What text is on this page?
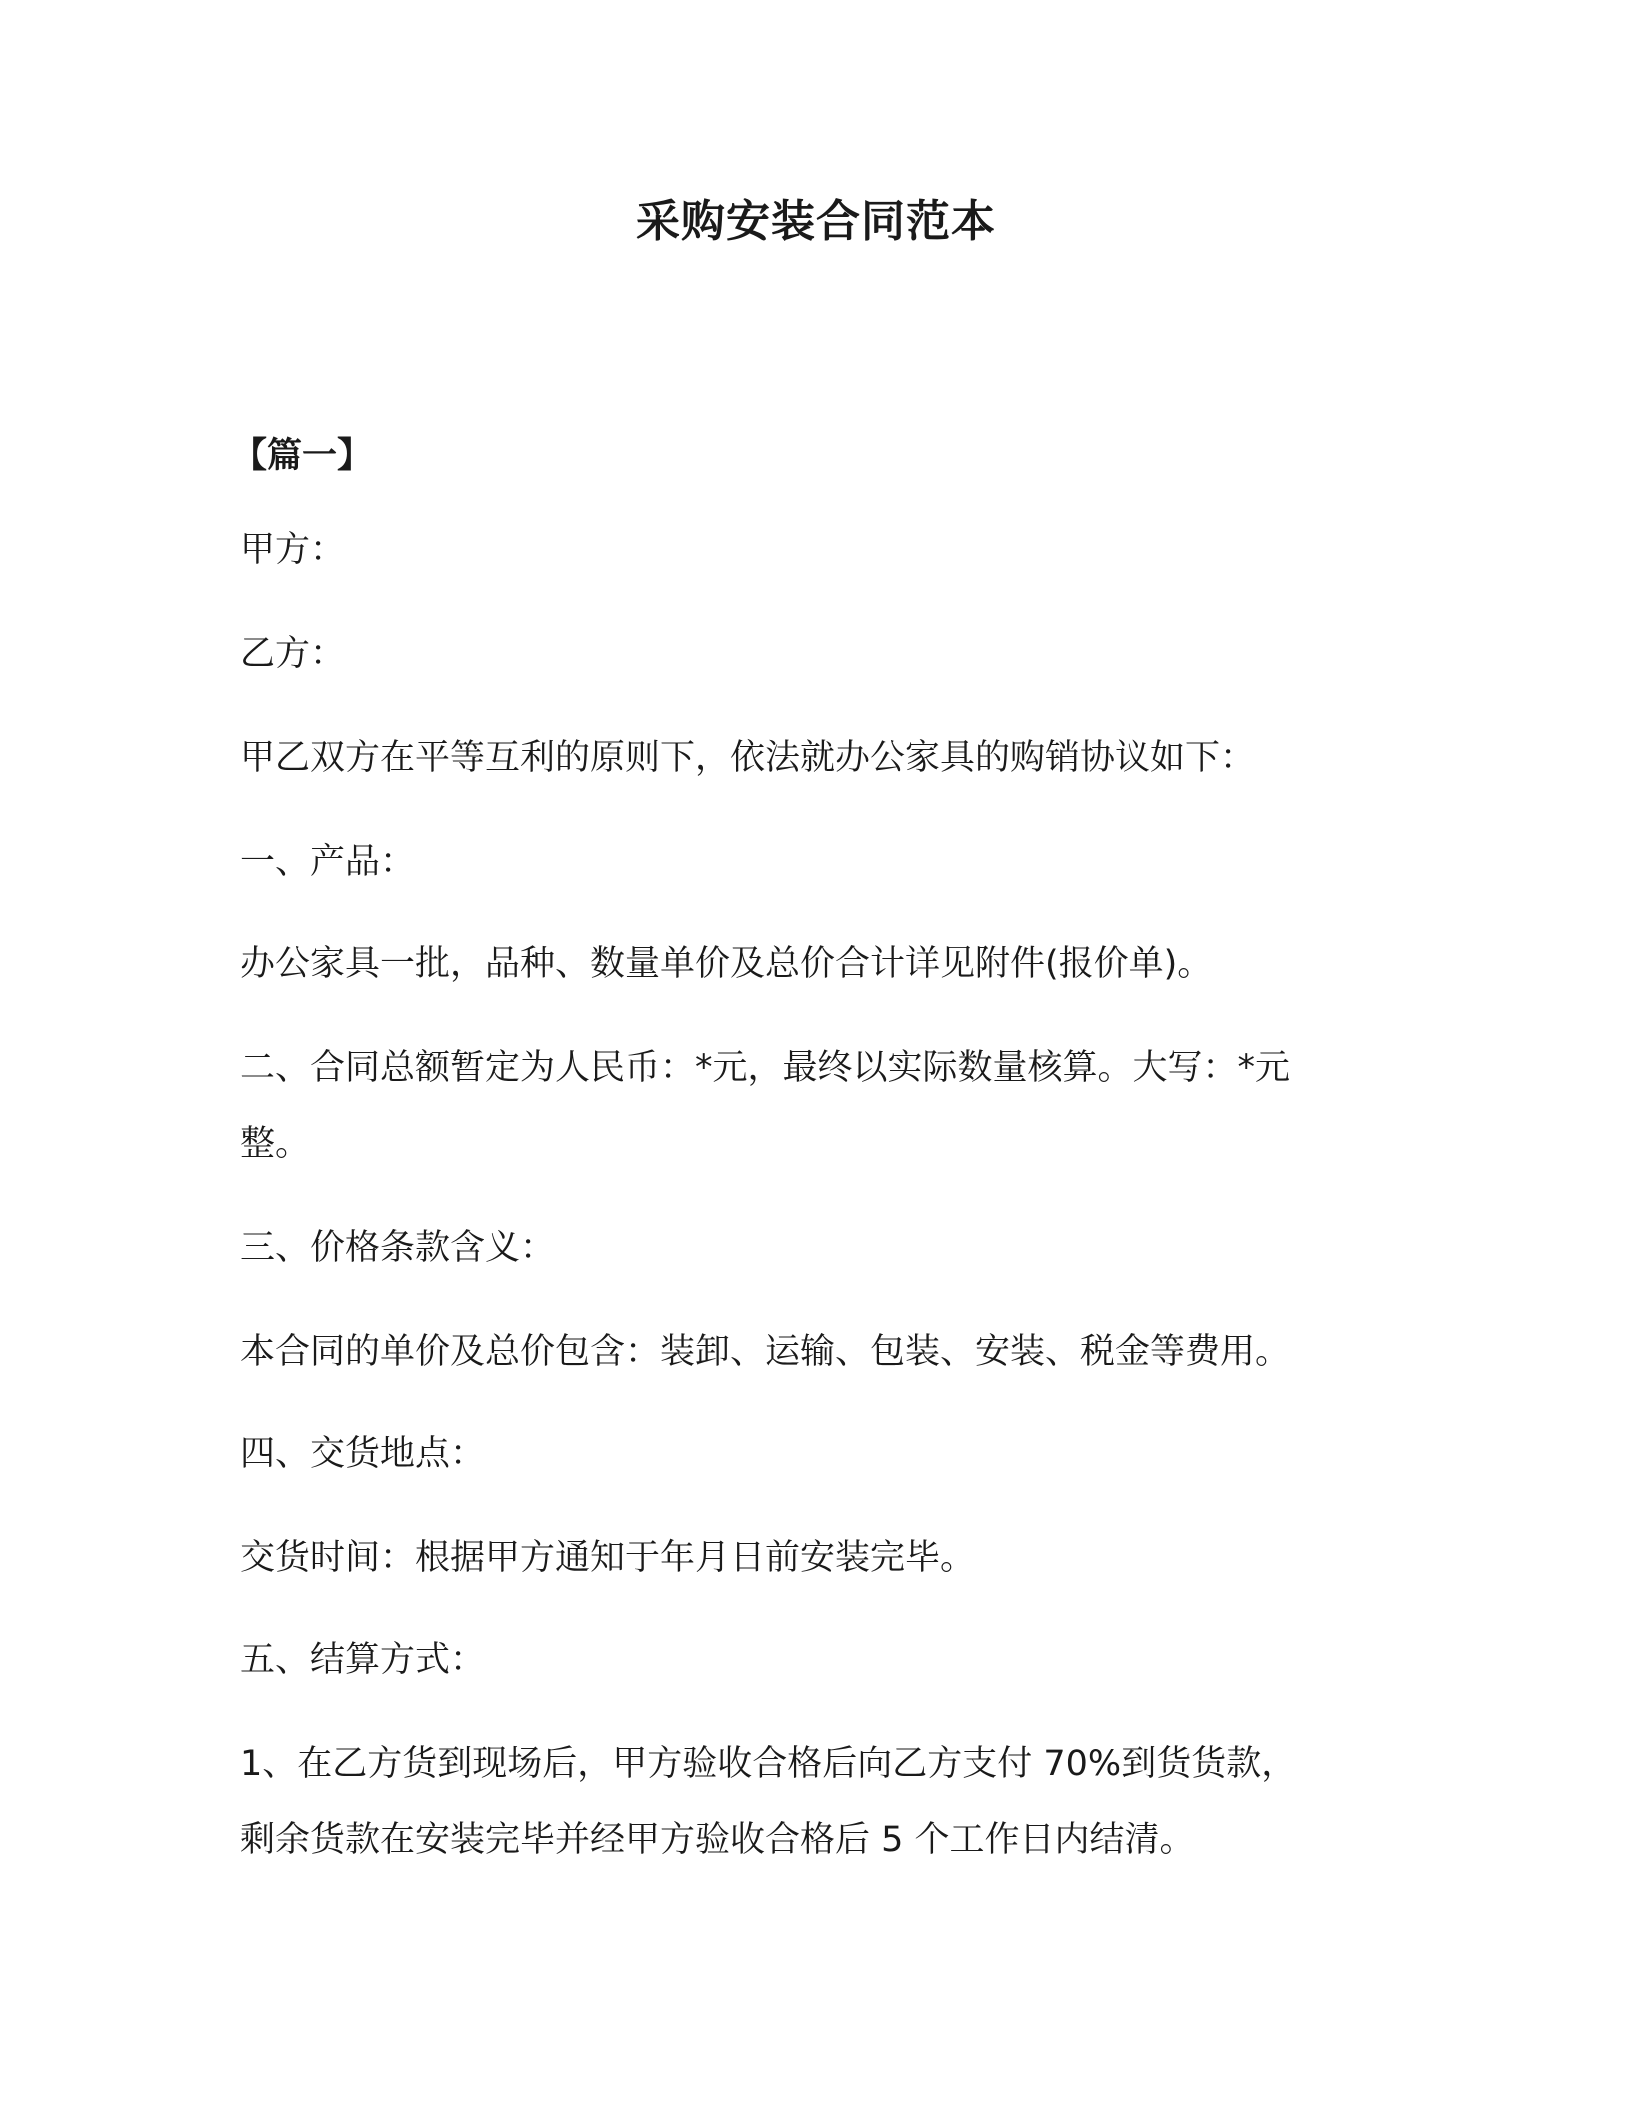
采购安装合同范本
【篇一】
甲方：
乙方：
甲乙双方在平等互利的原则下，依法就办公家具的购销协议如下：
一、产品：
办公家具一批，品种、数量单价及总价合计详见附件(报价单)。
二、合同总额暂定为人民币：*元，最终以实际数量核算。大写：*元
整。
三、价格条款含义：
本合同的单价及总价包含：装卸、运输、包装、安装、税金等费用。
四、交货地点：
交货时间：根据甲方通知于年月日前安装完毕。
五、结算方式：
1、在乙方货到现场后，甲方验收合格后向乙方支付 70%到货货款，
剩余货款在安装完毕并经甲方验收合格后 5 个工作日内结清。
